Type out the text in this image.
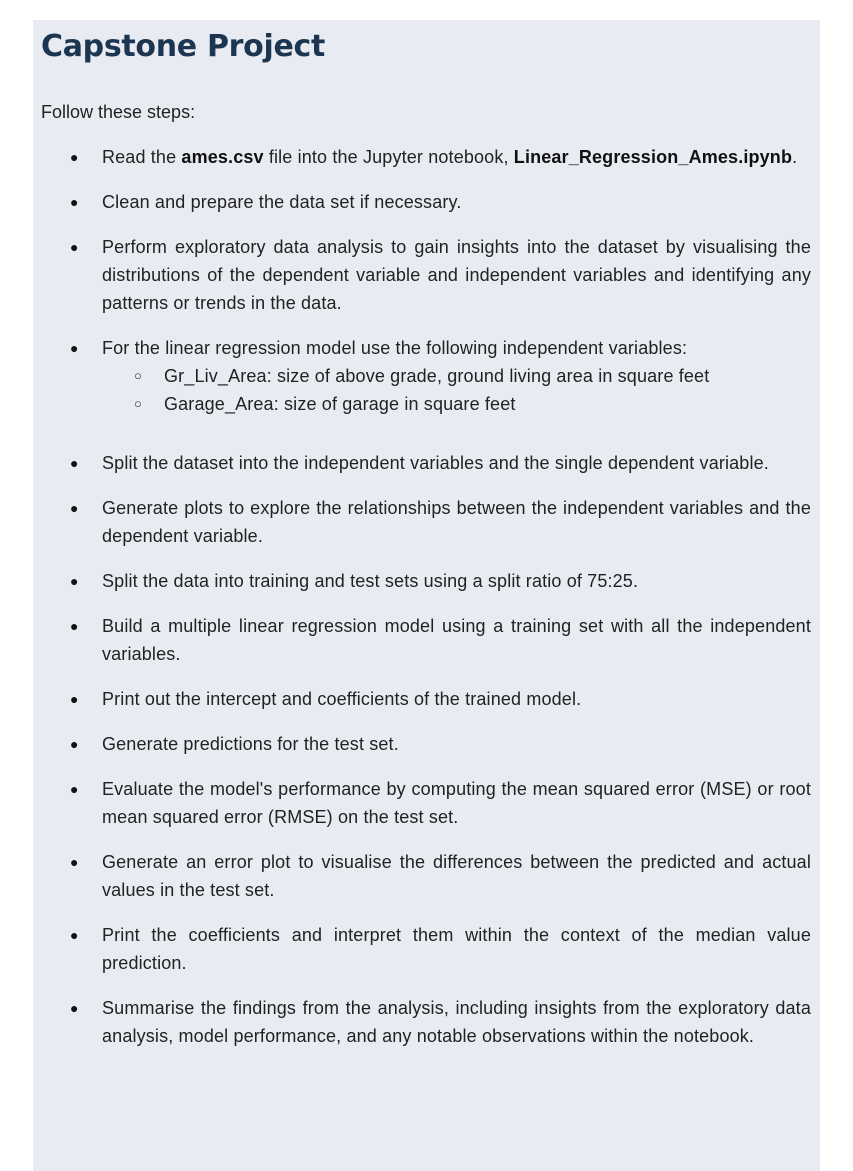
Capstone Project

Follow these steps:

● Read the ames.csv file into the Jupyter notebook, Linear_Regression_Ames.ipynb.
● Clean and prepare the data set if necessary.
● Perform exploratory data analysis to gain insights into the dataset by visualising the distributions of the dependent variable and independent variables and identifying any patterns or trends in the data.
● For the linear regression model use the following independent variables:
○ Gr_Liv_Area: size of above grade, ground living area in square feet
○ Garage_Area: size of garage in square feet
● Split the dataset into the independent variables and the single dependent variable.
● Generate plots to explore the relationships between the independent variables and the dependent variable.
● Split the data into training and test sets using a split ratio of 75:25.
● Build a multiple linear regression model using a training set with all the independent variables.
● Print out the intercept and coefficients of the trained model.
● Generate predictions for the test set.
● Evaluate the model's performance by computing the mean squared error (MSE) or root mean squared error (RMSE) on the test set.
● Generate an error plot to visualise the differences between the predicted and actual values in the test set.
● Print the coefficients and interpret them within the context of the median value prediction.
● Summarise the findings from the analysis, including insights from the exploratory data analysis, model performance, and any notable observations within the notebook.
